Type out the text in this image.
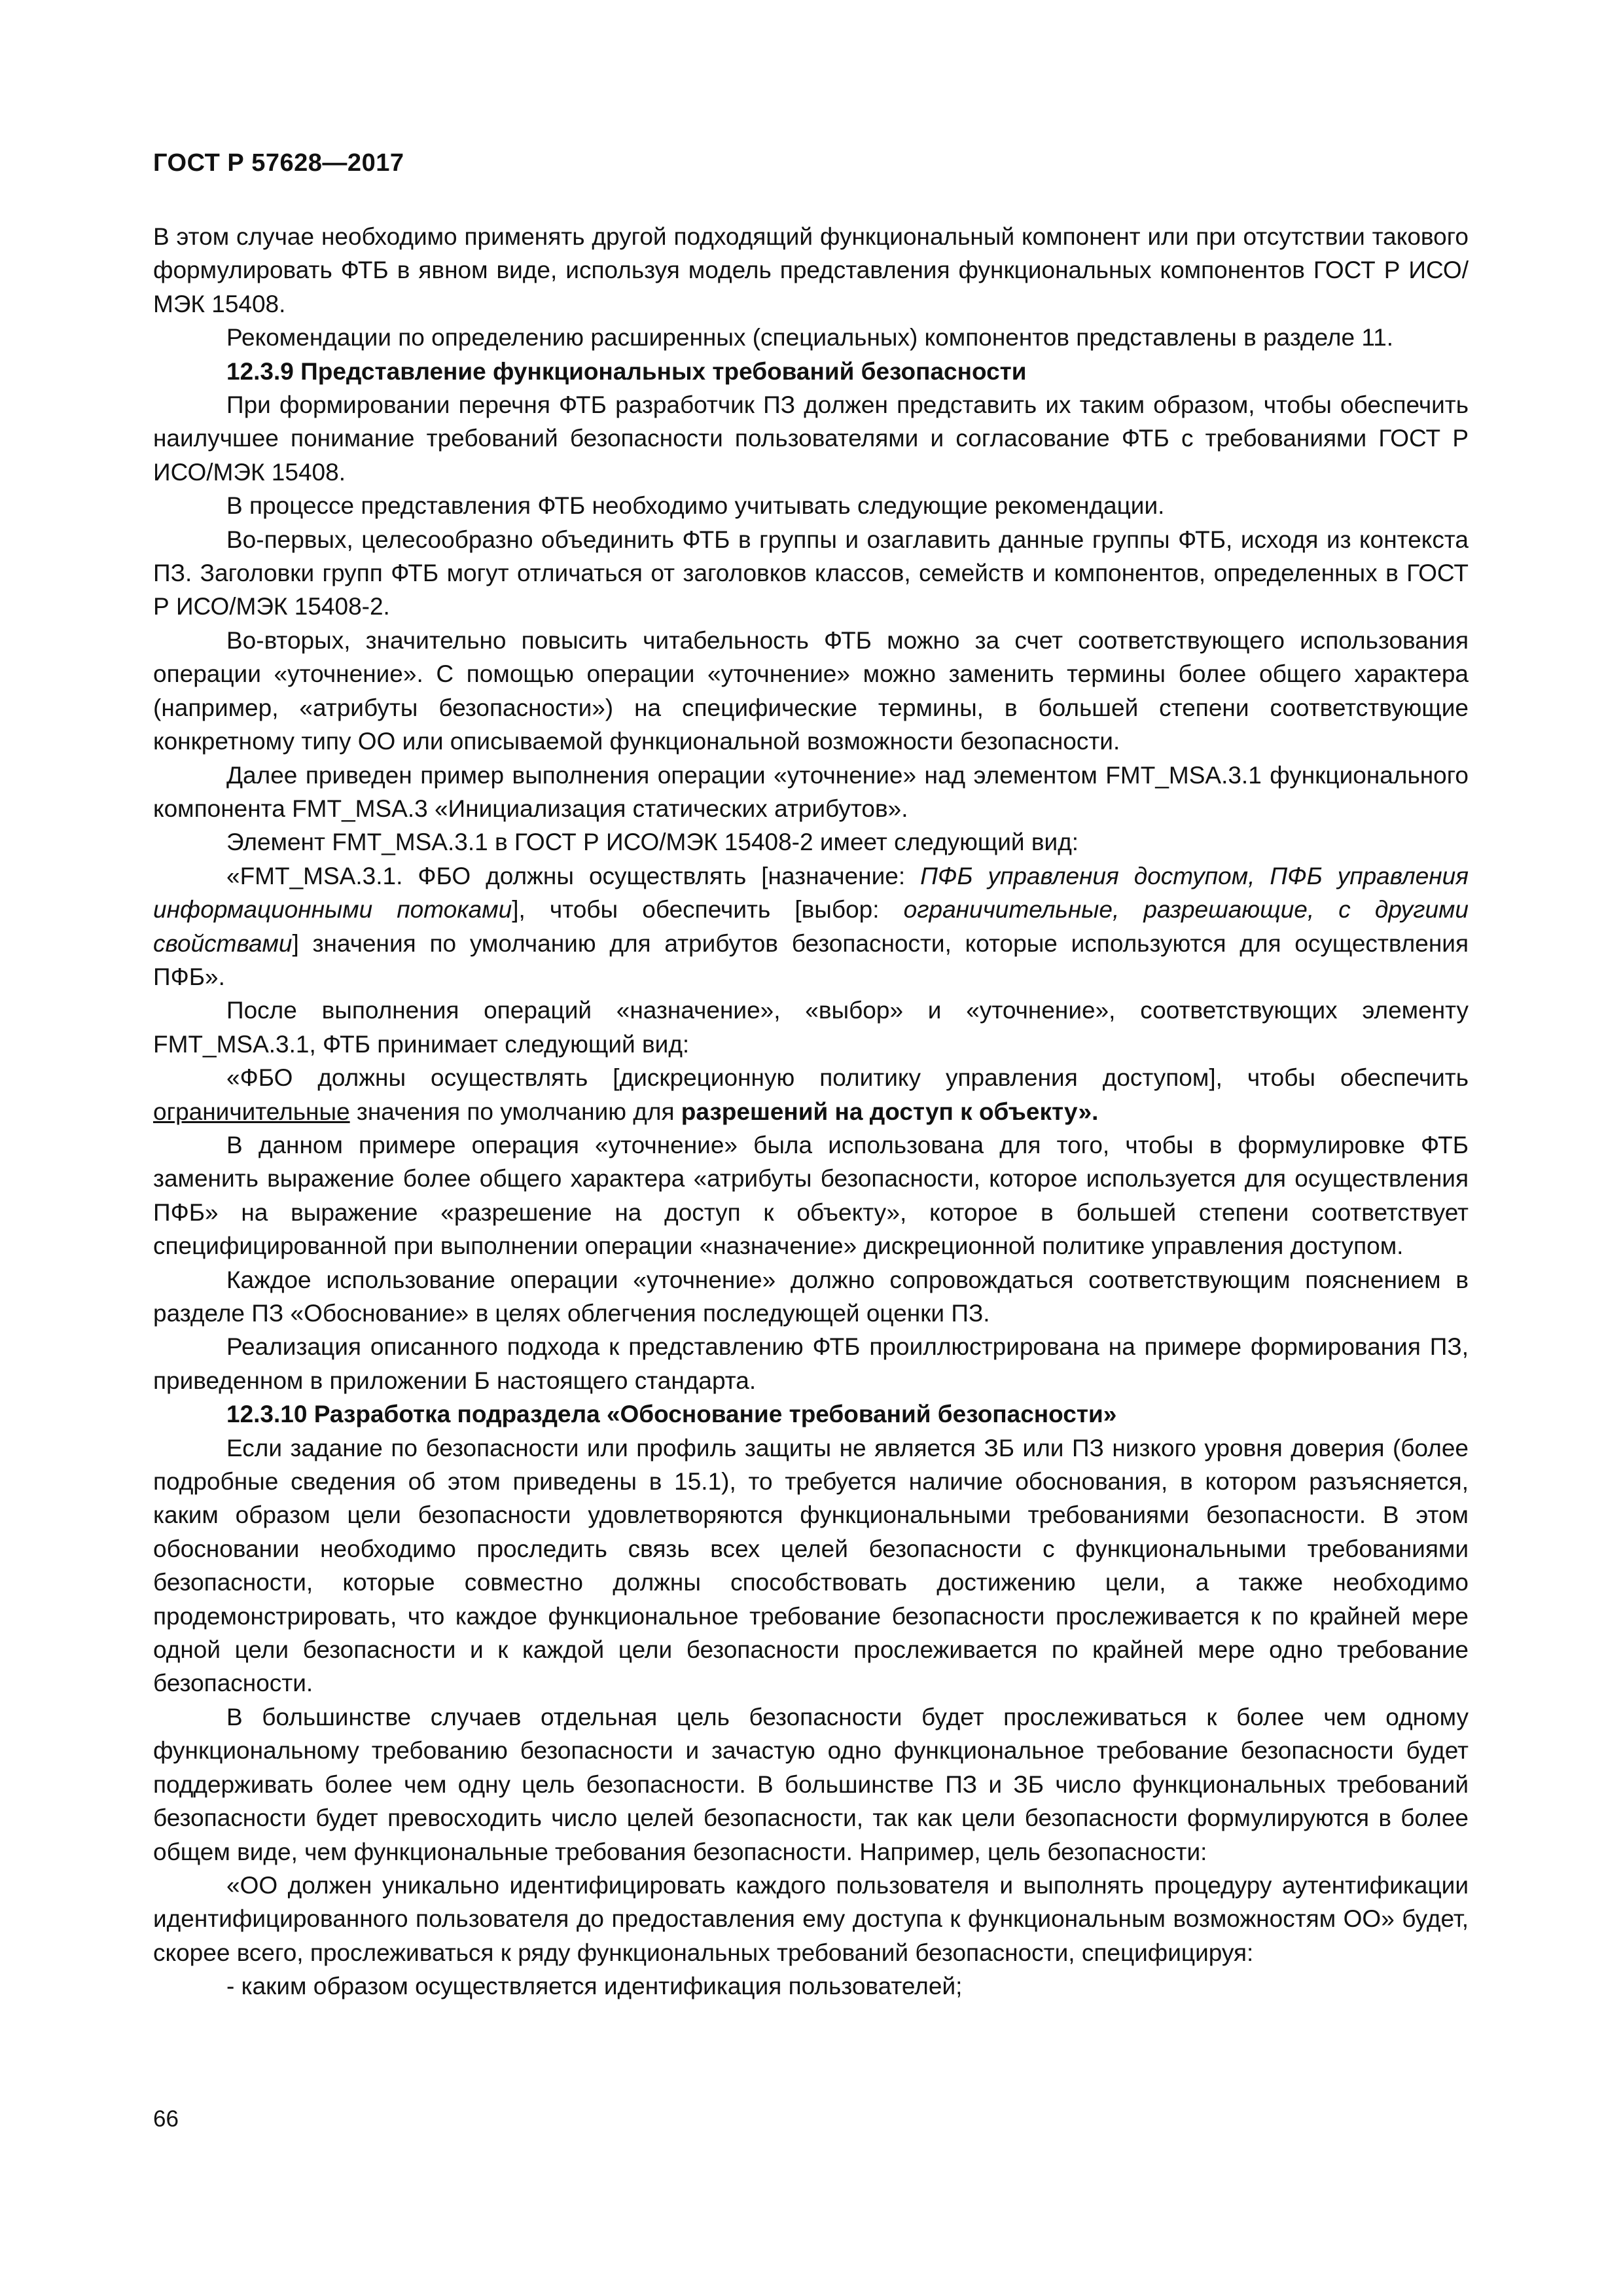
ГОСТ Р 57628—2017

В этом случае необходимо применять другой подходящий функциональный компонент или при отсутствии такового формулировать ФТБ в явном виде, используя модель представления функциональных компонентов ГОСТ Р ИСО/МЭК 15408.

Рекомендации по определению расширенных (специальных) компонентов представлены в разделе 11.

12.3.9 Представление функциональных требований безопасности

При формировании перечня ФТБ разработчик ПЗ должен представить их таким образом, чтобы обеспечить наилучшее понимание требований безопасности пользователями и согласование ФТБ с требованиями ГОСТ Р ИСО/МЭК 15408.

В процессе представления ФТБ необходимо учитывать следующие рекомендации.

Во-первых, целесообразно объединить ФТБ в группы и озаглавить данные группы ФТБ, исходя из контекста ПЗ. Заголовки групп ФТБ могут отличаться от заголовков классов, семейств и компонентов, определенных в ГОСТ Р ИСО/МЭК 15408-2.

Во-вторых, значительно повысить читабельность ФТБ можно за счет соответствующего использования операции «уточнение». С помощью операции «уточнение» можно заменить термины более общего характера (например, «атрибуты безопасности») на специфические термины, в большей степени соответствующие конкретному типу ОО или описываемой функциональной возможности безопасности.

Далее приведен пример выполнения операции «уточнение» над элементом FMT_MSA.3.1 функционального компонента FMT_MSA.3 «Инициализация статических атрибутов».

Элемент FMT_MSA.3.1 в ГОСТ Р ИСО/МЭК 15408-2 имеет следующий вид:

«FMT_MSA.3.1. ФБО должны осуществлять [назначение: ПФБ управления доступом, ПФБ управления информационными потоками], чтобы обеспечить [выбор: ограничительные, разрешающие, с другими свойствами] значения по умолчанию для атрибутов безопасности, которые используются для осуществления ПФБ».

После выполнения операций «назначение», «выбор» и «уточнение», соответствующих элементу FMT_MSA.3.1, ФТБ принимает следующий вид:

«ФБО должны осуществлять [дискреционную политику управления доступом], чтобы обеспечить ограничительные значения по умолчанию для разрешений на доступ к объекту».

В данном примере операция «уточнение» была использована для того, чтобы в формулировке ФТБ заменить выражение более общего характера «атрибуты безопасности, которое используется для осуществления ПФБ» на выражение «разрешение на доступ к объекту», которое в большей степени соответствует специфицированной при выполнении операции «назначение» дискреционной политике управления доступом.

Каждое использование операции «уточнение» должно сопровождаться соответствующим пояснением в разделе ПЗ «Обоснование» в целях облегчения последующей оценки ПЗ.

Реализация описанного подхода к представлению ФТБ проиллюстрирована на примере формирования ПЗ, приведенном в приложении Б настоящего стандарта.

12.3.10 Разработка подраздела «Обоснование требований безопасности»

Если задание по безопасности или профиль защиты не является ЗБ или ПЗ низкого уровня доверия (более подробные сведения об этом приведены в 15.1), то требуется наличие обоснования, в котором разъясняется, каким образом цели безопасности удовлетворяются функциональными требованиями безопасности. В этом обосновании необходимо проследить связь всех целей безопасности с функциональными требованиями безопасности, которые совместно должны способствовать достижению цели, а также необходимо продемонстрировать, что каждое функциональное требование безопасности прослеживается к по крайней мере одной цели безопасности и к каждой цели безопасности прослеживается по крайней мере одно требование безопасности.

В большинстве случаев отдельная цель безопасности будет прослеживаться к более чем одному функциональному требованию безопасности и зачастую одно функциональное требование безопасности будет поддерживать более чем одну цель безопасности. В большинстве ПЗ и ЗБ число функциональных требований безопасности будет превосходить число целей безопасности, так как цели безопасности формулируются в более общем виде, чем функциональные требования безопасности. Например, цель безопасности:

«ОО должен уникально идентифицировать каждого пользователя и выполнять процедуру аутентификации идентифицированного пользователя до предоставления ему доступа к функциональным возможностям ОО» будет, скорее всего, прослеживаться к ряду функциональных требований безопасности, специфицируя:

- каким образом осуществляется идентификация пользователей;

66
